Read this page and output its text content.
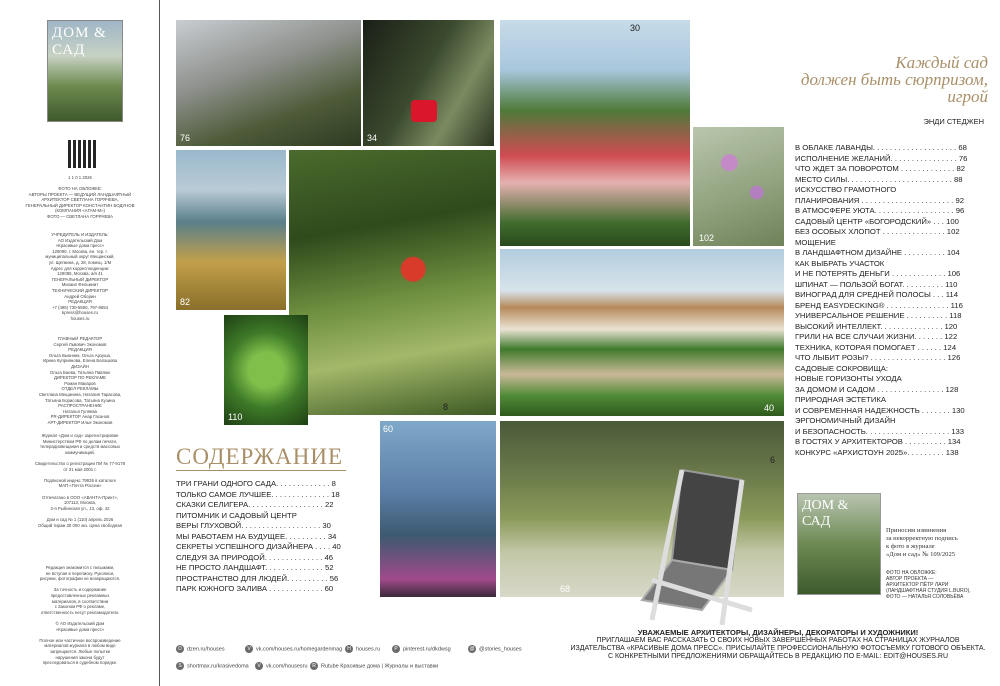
ДОМ & САД
1 1 0 1 2026
ФОТО НА ОБЛОЖКЕ:
АВТОРЫ ПРОЕКТА — ВЕДУЩИЙ ЛАНДШАФТНЫЙ
АРХИТЕКТОР СВЕТЛАНА ГОРЯЧЕВА,
ГЕНЕРАЛЬНЫЙ ДИРЕКТОР КОНСТАНТИН БОДУНОВ
(КОМПАНИЯ «АГАМ-М»)
ФОТО — СВЕТЛАНА ГОРЯЧЕВА
УЧРЕДИТЕЛЬ И ИЗДАТЕЛЬ:
АО Издательский Дом
«Красивые дома пресс»
129090, г. Москва, вн. тер. г.
муниципальный округ Мещанский,
ул. Щепкина, д. 28, помещ. 1/М
Адрес для корреспонденции:
129085, Москва, а/я 41
ГЕНЕРАЛЬНЫЙ ДИРЕКТОР
Михаил Фельмнит
ТЕХНИЧЕСКИЙ ДИРЕКТОР
Андрей Оборин
РЕДАКЦИЯ
+7 (495) 730-5590, 797-9654
kpress@houses.ru
houses.ru
ГЛАВНЫЙ РЕДАКТОР
Сергей Львович Экономов
РЕДАКЦИЯ
Ольга Вьюнник, Ольга Арзуша,
Ирина Куприянова, Елена Балашова
ДИЗАЙН
Ольга Баева, Татьяна Павлюк
ДИРЕКТОР ПО РЕКЛАМЕ
Роман Макаров
ОТДЕЛ РЕКЛАМЫ
Светлана Мещанина, Наталия Тарасова,
Татьяна Борисова, Татьяна Кузина
РАСПРОСТРАНЕНИЕ
Наталья Гуляева
PR-ДИРЕКТОР Анар Гасанов
АРТ-ДИРЕКТОР Илья Экономов
Журнал «Дом и сад» зарегистрирован
Министерством РФ по делам печати,
телерадиовещания и средств массовых
коммуникаций.

Свидетельство о регистрации ПИ № 77-9178
от 31 мая 2001 г.

Подписной индекс 79936 в каталоге
МАП «Почта России»

Отпечатано в ООО «АВАНТА-Принт»,
107113, Москва,
2-я Рыбинская ул., 13, оф. 42

Дом и сад № 1 (110) апрель 2026
Общий тираж 30 000 экз. Цена свободная
Редакция знакомится с письмами,
не вступая в переписку. Рукописи,
рисунки, фотографии не возвращаются.

За точность и содержание
предоставленных рекламных
материалов, в соответствии
с Законом РФ о рекламе,
ответственность несут рекламодатели.

© АО Издательский Дом
«Красивые дома пресс»

Полное или частичное воспроизведение
материалов журнала в любом виде
запрещается. Любые попытки
нарушения закона будут
преследоваться в судебном порядке.
76	34
30
102
82
8
110
40
60
68
6
Каждый сад
должен быть сюрпризом,
игрой
ЭНДИ СТЕДЖЕН
СОДЕРЖАНИЕ
ТРИ ГРАНИ ОДНОГО САДА. . . . . . . . . . . . . 8
ТОЛЬКО САМОЕ ЛУЧШЕЕ. . . . . . . . . . . . . . 18
СКАЗКИ СЕЛИГЕРА. . . . . . . . . . . . . . . . . . 22
ПИТОМНИК И САДОВЫЙ ЦЕНТР
ВЕРЫ ГЛУХОВОЙ. . . . . . . . . . . . . . . . . . . 30
МЫ РАБОТАЕМ НА БУДУЩЕЕ. . . . . . . . . . 34
СЕКРЕТЫ УСПЕШНОГО ДИЗАЙНЕРА . . . . 40
СЛЕДУЯ ЗА ПРИРОДОЙ. . . . . . . . . . . . . . 46
НЕ ПРОСТО ЛАНДШАФТ. . . . . . . . . . . . . . 52
ПРОСТРАНСТВО ДЛЯ ЛЮДЕЙ. . . . . . . . . . 56
ПАРК ЮЖНОГО ЗАЛИВА . . . . . . . . . . . . . 60
В ОБЛАКЕ ЛАВАНДЫ. . . . . . . . . . . . . . . . . . . . 68
ИСПОЛНЕНИЕ ЖЕЛАНИЙ. . . . . . . . . . . . . . . . 76
ЧТО ЖДЕТ ЗА ПОВОРОТОМ . . . . . . . . . . . . . 82
МЕСТО СИЛЫ. . . . . . . . . . . . . . . . . . . . . . . . . 88
ИСКУССТВО ГРАМОТНОГО
ПЛАНИРОВАНИЯ . . . . . . . . . . . . . . . . . . . . . . 92
В АТМОСФЕРЕ УЮТА. . . . . . . . . . . . . . . . . . . 96
САДОВЫЙ ЦЕНТР «БОГОРОДСКИЙ» . . . 100
БЕЗ ОСОБЫХ ХЛОПОТ . . . . . . . . . . . . . . . 102
МОЩЕНИЕ
В ЛАНДШАФТНОМ ДИЗАЙНЕ . . . . . . . . . . 104
КАК ВЫБРАТЬ УЧАСТОК
И НЕ ПОТЕРЯТЬ ДЕНЬГИ . . . . . . . . . . . . . 106
ШПИНАТ — ПОЛЬЗОЙ БОГАТ. . . . . . . . . . 110
ВИНОГРАД ДЛЯ СРЕДНЕЙ ПОЛОСЫ . . . 114
БРЕНД EASYDECKING® . . . . . . . . . . . . . . . 116
УНИВЕРСАЛЬНОЕ РЕШЕНИЕ . . . . . . . . . . 118
ВЫСОКИЙ ИНТЕЛЛЕКТ. . . . . . . . . . . . . . . 120
ГРИЛИ НА ВСЕ СЛУЧАИ ЖИЗНИ. . . . . . . 122
ТЕХНИКА, КОТОРАЯ ПОМОГАЕТ . . . . . . 124
ЧТО ЛЫБИТ РОЗЫ? . . . . . . . . . . . . . . . . . . 126
САДОВЫЕ СОКРОВИЩА:
НОВЫЕ ГОРИЗОНТЫ УХОДА
ЗА ДОМОМ И САДОМ . . . . . . . . . . . . . . . . 128
ПРИРОДНАЯ ЭСТЕТИКА
И СОВРЕМЕННАЯ НАДЕЖНОСТЬ . . . . . . . 130
ЭРГОНОМИЧНЫЙ ДИЗАЙН
И БЕЗОПАСНОСТЬ. . . . . . . . . . . . . . . . . . . . 133
В ГОСТЯХ У АРХИТЕКТОРОВ . . . . . . . . . . 134
КОНКУРС «АРХИСТОУН 2025». . . . . . . . . 138
ДОМ & САД
Приносим извинения
за некорректную подпись
к фото в журнале
«Дом и сад» № 109/2025
ФОТО НА ОБЛОЖКЕ:
АВТОР ПРОЕКТА —
АРХИТЕКТОР ПЁТР ЛАРИ
(ЛАНДШАФТНАЯ СТУДИЯ L.BURO),
ФОТО — НАТАЛЬЯ СОЛОВЬЁВА
УВАЖАЕМЫЕ АРХИТЕКТОРЫ, ДИЗАЙНЕРЫ, ДЕКОРАТОРЫ И ХУДОЖНИКИ!
ПРИГЛАШАЕМ ВАС РАССКАЗАТЬ О СВОИХ НОВЫХ ЗАВЕРШЕННЫХ РАБОТАХ НА СТРАНИЦАХ ЖУРНАЛОВ
ИЗДАТЕЛЬСТВА «КРАСИВЫЕ ДОМА ПРЕСС». ПРИСЫЛАЙТЕ ПРОФЕССИОНАЛЬНУЮ ФОТОСЪЕМКУ ГОТОВОГО ОБЪЕКТА.
С КОНКРЕТНЫМИ ПРЕДЛОЖЕНИЯМИ ОБРАЩАЙТЕСЬ В РЕДАКЦИЮ ПО E-MAIL: EDIT@HOUSES.RU
D dzen.ru/houses	V vk.com/houses.ru/homegardenmag H houses.ru	P pinterest.ru/dkdwsg	@ @stories_houses
S shortmax.ru/krasivedoma	V vk.com/housesru R Rutube Красивые дома | Журналы и выставки
